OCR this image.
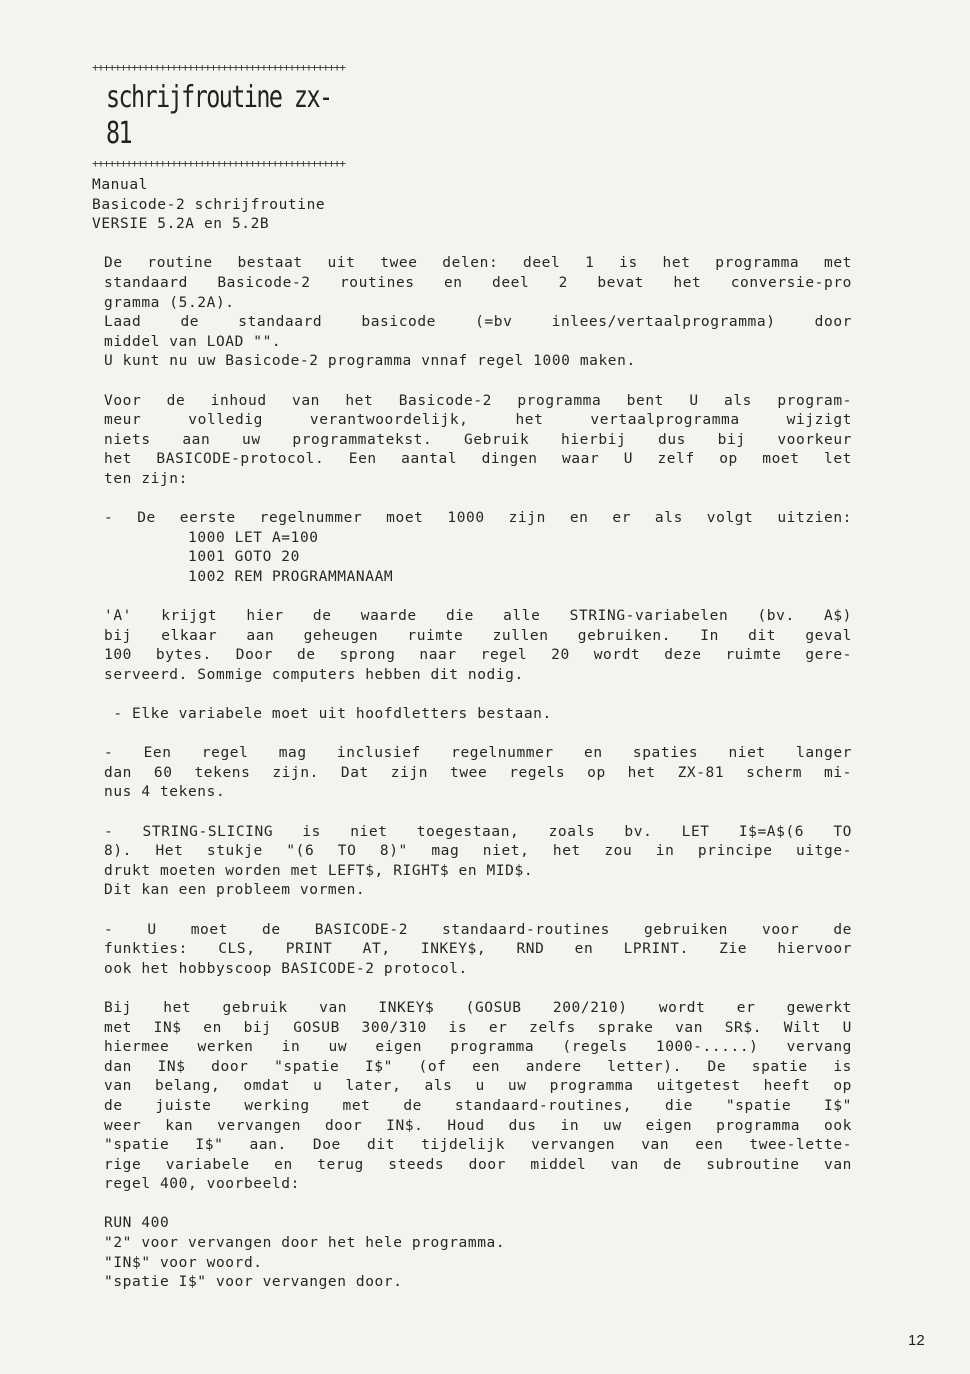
+++++++++++++++++++++++++++++++++++++++++++++
schrijfroutine zx-81
+++++++++++++++++++++++++++++++++++++++++++++
Manual
Basicode-2 schrijfroutine
VERSIE 5.2A en 5.2B
De routine bestaat uit twee delen: deel 1 is het programma met
standaard Basicode-2 routines en deel 2 bevat het conversie-pro
gramma (5.2A).
Laad de standaard basicode (=bv inlees/vertaalprogramma) door
middel van LOAD "".
U kunt nu uw Basicode-2 programma vnnaf regel 1000 maken.
Voor de inhoud van het Basicode-2 programma bent U als program-
meur volledig verantwoordelijk, het vertaalprogramma wijzigt
niets aan uw programmatekst. Gebruik hierbij dus bij voorkeur
het BASICODE-protocol. Een aantal dingen waar U zelf op moet let
ten zijn:
- De eerste regelnummer moet 1000 zijn en er als volgt uitzien:
1000 LET A=100
1001 GOTO 20
1002 REM PROGRAMMANAAM
'A' krijgt hier de waarde die alle STRING-variabelen (bv. A$)
bij elkaar aan geheugen ruimte zullen gebruiken. In dit geval
100 bytes. Door de sprong naar regel 20 wordt deze ruimte gere-
serveerd. Sommige computers hebben dit nodig.
- Elke variabele moet uit hoofdletters bestaan.
- Een regel mag inclusief regelnummer en spaties niet langer
dan 60 tekens zijn. Dat zijn twee regels op het ZX-81 scherm mi-
nus 4 tekens.
- STRING-SLICING is niet toegestaan, zoals bv. LET I$=A$(6 TO
8). Het stukje "(6 TO 8)" mag niet, het zou in principe uitge-
drukt moeten worden met LEFT$, RIGHT$ en MID$.
Dit kan een probleem vormen.
- U moet de BASICODE-2 standaard-routines gebruiken voor de
funkties: CLS, PRINT AT, INKEY$, RND en LPRINT. Zie hiervoor
ook het hobbyscoop BASICODE-2 protocol.
Bij het gebruik van INKEY$ (GOSUB 200/210) wordt er gewerkt
met IN$ en bij GOSUB 300/310 is er zelfs sprake van SR$. Wilt U
hiermee werken in uw eigen programma (regels 1000-.....) vervang
dan IN$ door "spatie I$" (of een andere letter). De spatie is
van belang, omdat u later, als u uw programma uitgetest heeft op
de juiste werking met de standaard-routines, die "spatie I$"
weer kan vervangen door IN$. Houd dus in uw eigen programma ook
"spatie I$" aan. Doe dit tijdelijk vervangen van een twee-lette-
rige variabele en terug steeds door middel van de subroutine van
regel 400, voorbeeld:
RUN 400
"2" voor vervangen door het hele programma.
"IN$" voor woord.
"spatie I$" voor vervangen door.
12
